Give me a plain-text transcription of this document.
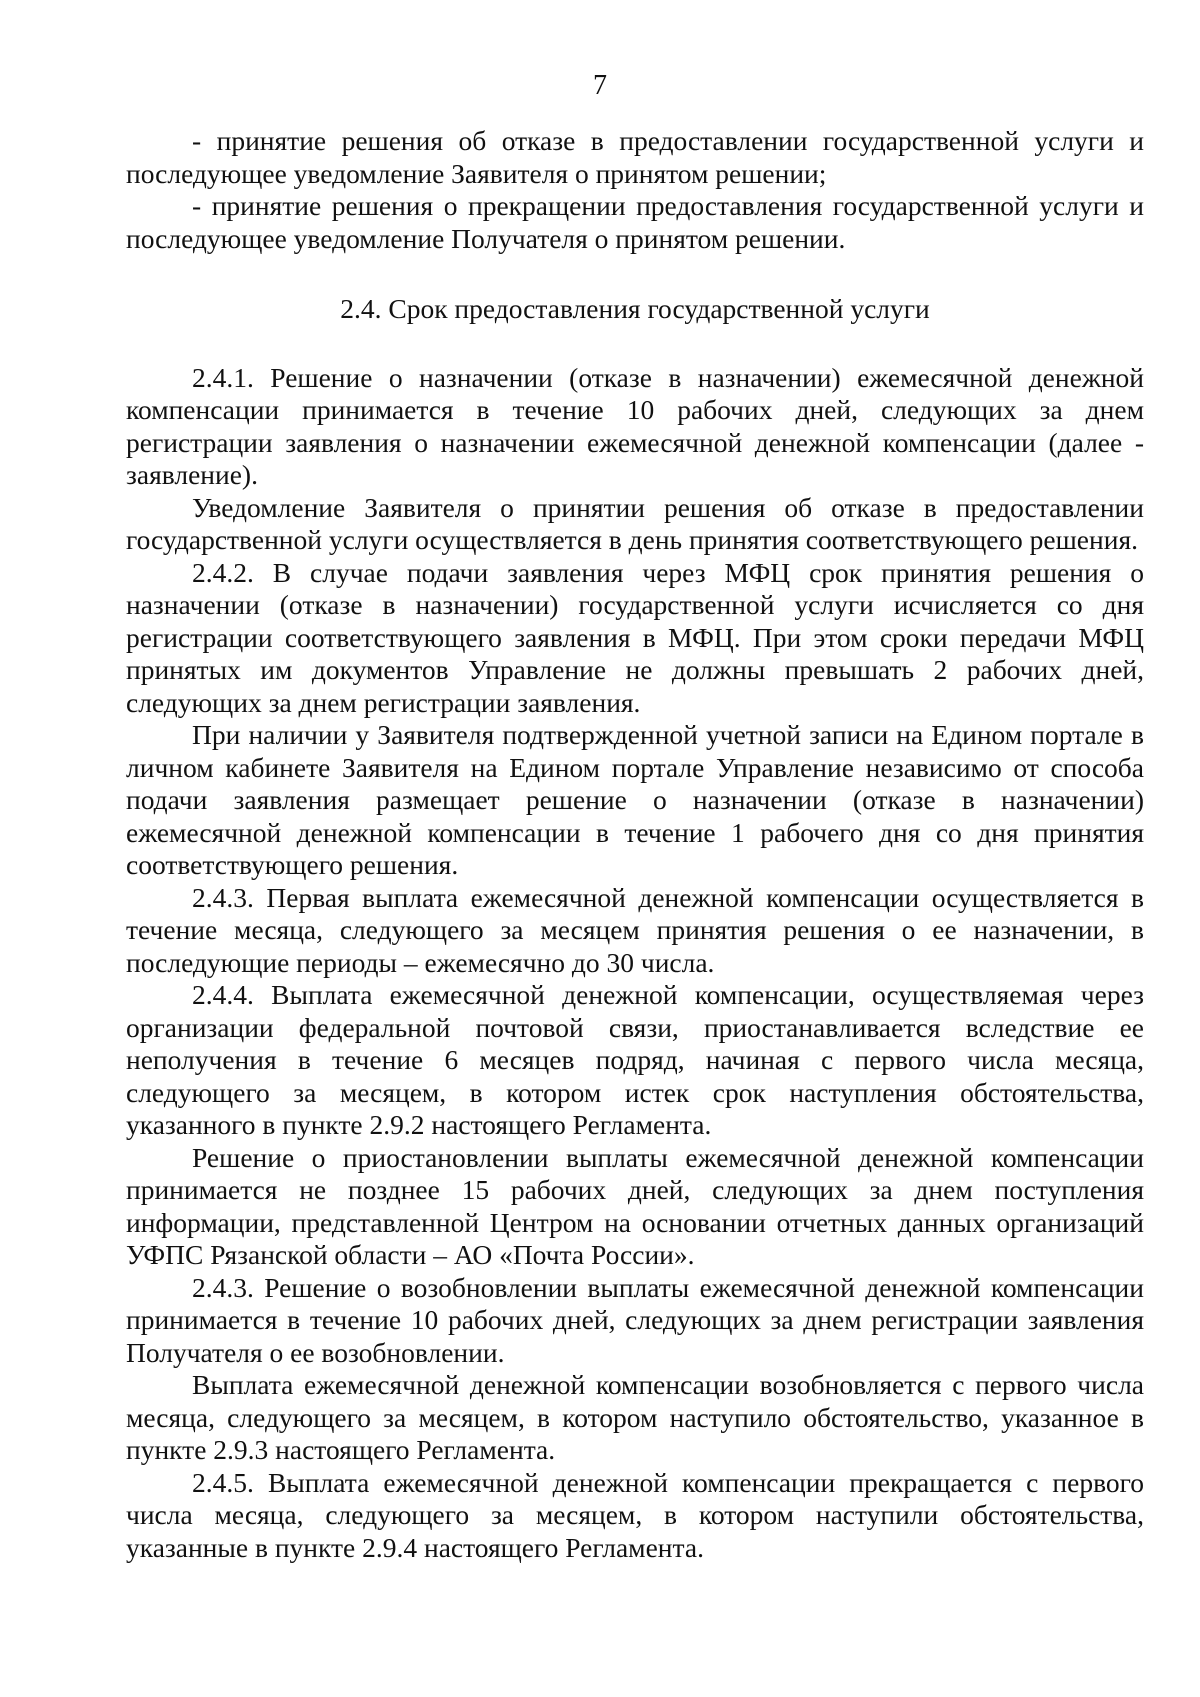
7

- принятие решения об отказе в предоставлении государственной услуги и последующее уведомление Заявителя о принятом решении;

- принятие решения о прекращении предоставления государственной услуги и последующее уведомление Получателя о принятом решении.

2.4. Срок предоставления государственной услуги

2.4.1. Решение о назначении (отказе в назначении) ежемесячной денежной компенсации принимается в течение 10 рабочих дней, следующих за днем регистрации заявления о назначении ежемесячной денежной компенсации (далее - заявление).

Уведомление Заявителя о принятии решения об отказе в предоставлении государственной услуги осуществляется в день принятия соответствующего решения.

2.4.2. В случае подачи заявления через МФЦ срок принятия решения о назначении (отказе в назначении) государственной услуги исчисляется со дня регистрации соответствующего заявления в МФЦ. При этом сроки передачи МФЦ принятых им документов Управление не должны превышать 2 рабочих дней, следующих за днем регистрации заявления.

При наличии у Заявителя подтвержденной учетной записи на Едином портале в личном кабинете Заявителя на Едином портале Управление независимо от способа подачи заявления размещает решение о назначении (отказе в назначении) ежемесячной денежной компенсации в течение 1 рабочего дня со дня принятия соответствующего решения.

2.4.3. Первая выплата ежемесячной денежной компенсации осуществляется в течение месяца, следующего за месяцем принятия решения о ее назначении, в последующие периоды – ежемесячно до 30 числа.

2.4.4. Выплата ежемесячной денежной компенсации, осуществляемая через организации федеральной почтовой связи, приостанавливается вследствие ее неполучения в течение 6 месяцев подряд, начиная с первого числа месяца, следующего за месяцем, в котором истек срок наступления обстоятельства, указанного в пункте 2.9.2 настоящего Регламента.

Решение о приостановлении выплаты ежемесячной денежной компенсации принимается не позднее 15 рабочих дней, следующих за днем поступления информации, представленной Центром на основании отчетных данных организаций УФПС Рязанской области – АО «Почта России».

2.4.3. Решение о возобновлении выплаты ежемесячной денежной компенсации принимается в течение 10 рабочих дней, следующих за днем регистрации заявления Получателя о ее возобновлении.

Выплата ежемесячной денежной компенсации возобновляется с первого числа месяца, следующего за месяцем, в котором наступило обстоятельство, указанное в пункте 2.9.3 настоящего Регламента.

2.4.5. Выплата ежемесячной денежной компенсации прекращается с первого числа месяца, следующего за месяцем, в котором наступили обстоятельства, указанные в пункте 2.9.4 настоящего Регламента.
